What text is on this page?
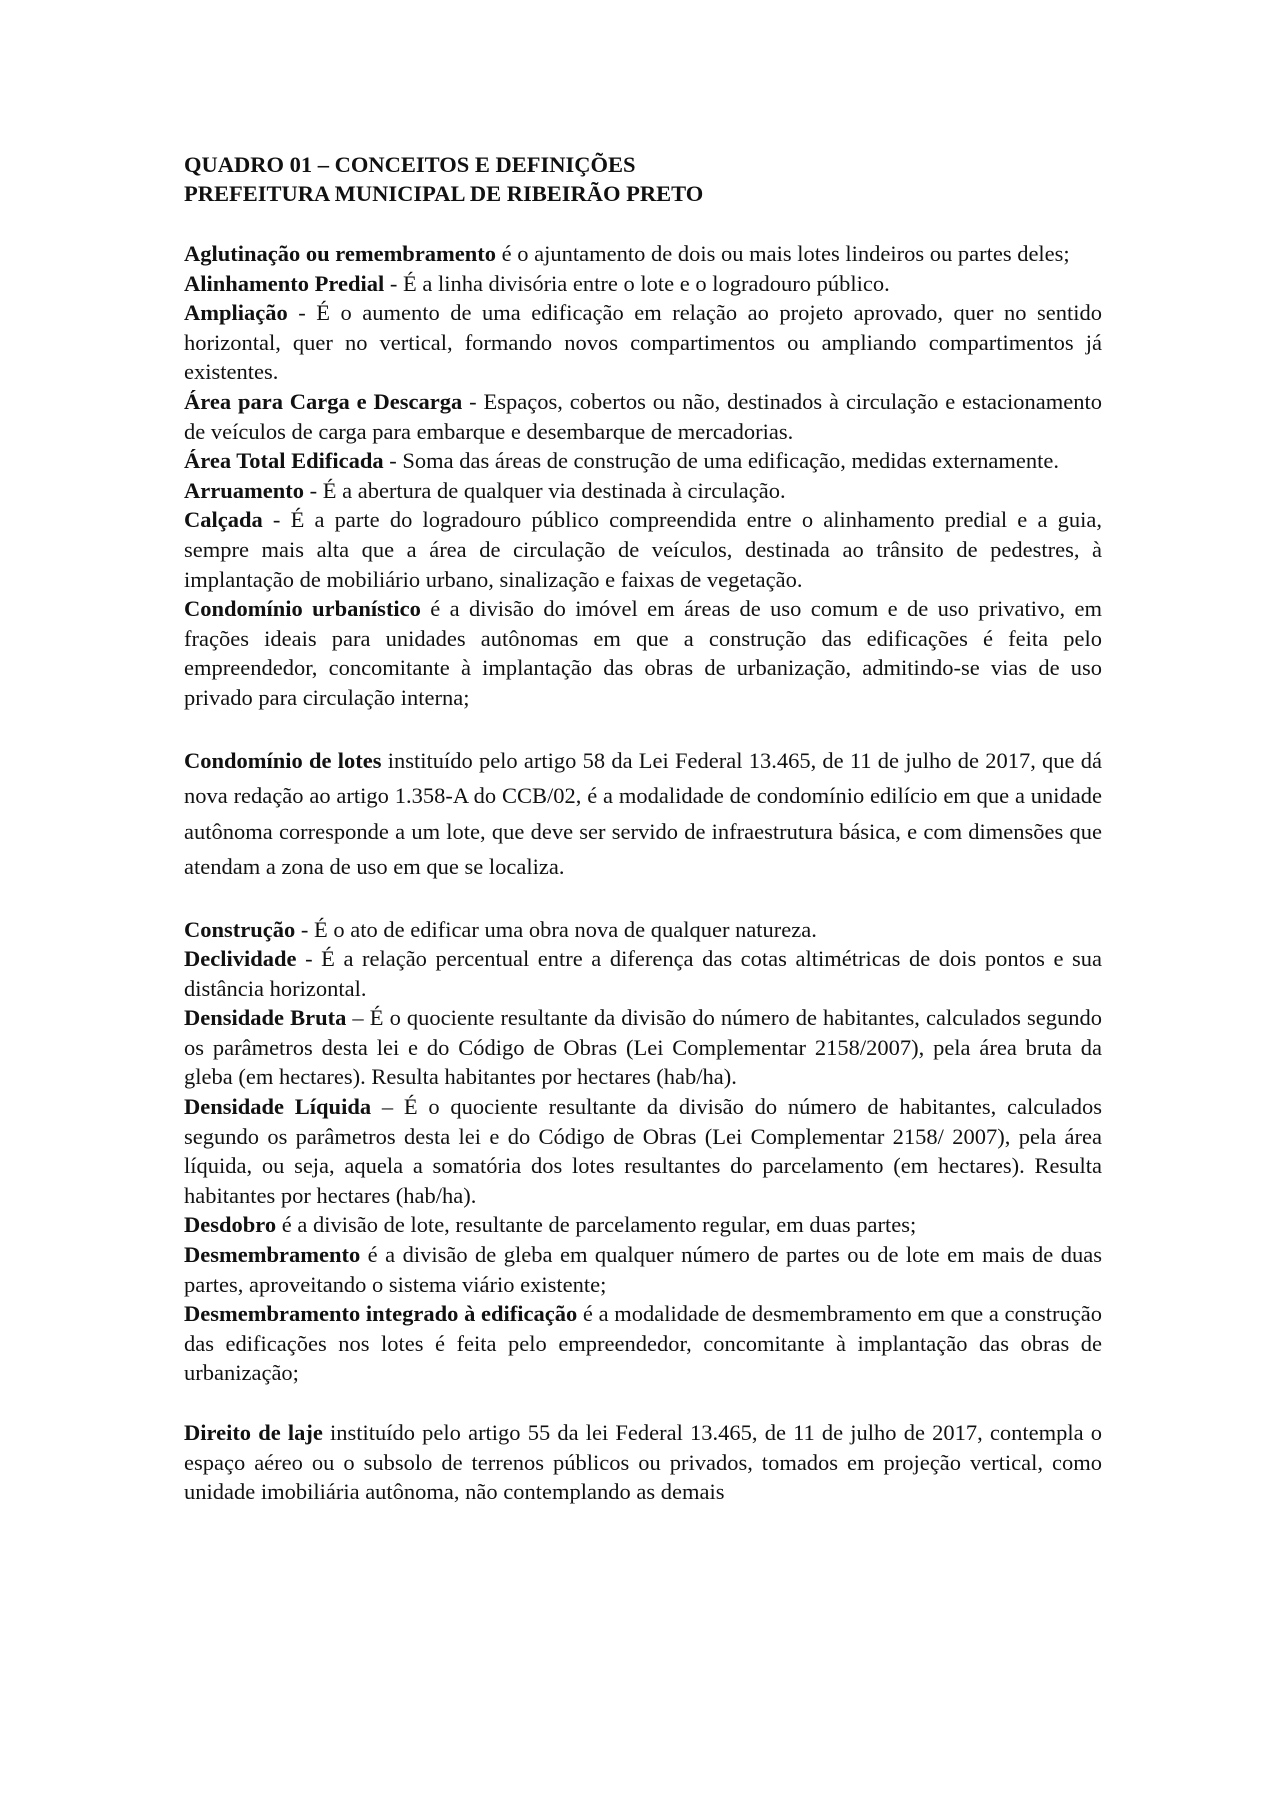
QUADRO 01 – CONCEITOS E DEFINIÇÕES

PREFEITURA MUNICIPAL DE RIBEIRÃO PRETO

Aglutinação ou remembramento é o ajuntamento de dois ou mais lotes lindeiros ou partes deles;

Alinhamento Predial - É a linha divisória entre o lote e o logradouro público.

Ampliação - É o aumento de uma edificação em relação ao projeto aprovado, quer no sentido horizontal, quer no vertical, formando novos compartimentos ou ampliando compartimentos já existentes.

Área para Carga e Descarga - Espaços, cobertos ou não, destinados à circulação e estacionamento de veículos de carga para embarque e desembarque de mercadorias.

Área Total Edificada - Soma das áreas de construção de uma edificação, medidas externamente.

Arruamento - É a abertura de qualquer via destinada à circulação.

Calçada - É a parte do logradouro público compreendida entre o alinhamento predial e a guia, sempre mais alta que a área de circulação de veículos, destinada ao trânsito de pedestres, à implantação de mobiliário urbano, sinalização e faixas de vegetação.

Condomínio urbanístico é a divisão do imóvel em áreas de uso comum e de uso privativo, em frações ideais para unidades autônomas em que a construção das edificações é feita pelo empreendedor, concomitante à implantação das obras de urbanização, admitindo-se vias de uso privado para circulação interna;

Condomínio de lotes instituído pelo artigo 58 da Lei Federal 13.465, de 11 de julho de 2017, que dá nova redação ao artigo 1.358-A do CCB/02, é a modalidade de condomínio edilício em que a unidade autônoma corresponde a um lote, que deve ser servido de infraestrutura básica, e com dimensões que atendam a zona de uso em que se localiza.

Construção - É o ato de edificar uma obra nova de qualquer natureza.

Declividade - É a relação percentual entre a diferença das cotas altimétricas de dois pontos e sua distância horizontal.

Densidade Bruta – É o quociente resultante da divisão do número de habitantes, calculados segundo os parâmetros desta lei e do Código de Obras (Lei Complementar 2158/2007), pela área bruta da gleba (em hectares). Resulta habitantes por hectares (hab/ha).

Densidade Líquida – É o quociente resultante da divisão do número de habitantes, calculados segundo os parâmetros desta lei e do Código de Obras (Lei Complementar 2158/ 2007), pela área líquida, ou seja, aquela a somatória dos lotes resultantes do parcelamento (em hectares). Resulta habitantes por hectares (hab/ha).

Desdobro é a divisão de lote, resultante de parcelamento regular, em duas partes;

Desmembramento é a divisão de gleba em qualquer número de partes ou de lote em mais de duas partes, aproveitando o sistema viário existente;

Desmembramento integrado à edificação é a modalidade de desmembramento em que a construção das edificações nos lotes é feita pelo empreendedor, concomitante à implantação das obras de urbanização;

Direito de laje instituído pelo artigo 55 da lei Federal 13.465, de 11 de julho de 2017, contempla o espaço aéreo ou o subsolo de terrenos públicos ou privados, tomados em projeção vertical, como unidade imobiliária autônoma, não contemplando as demais
